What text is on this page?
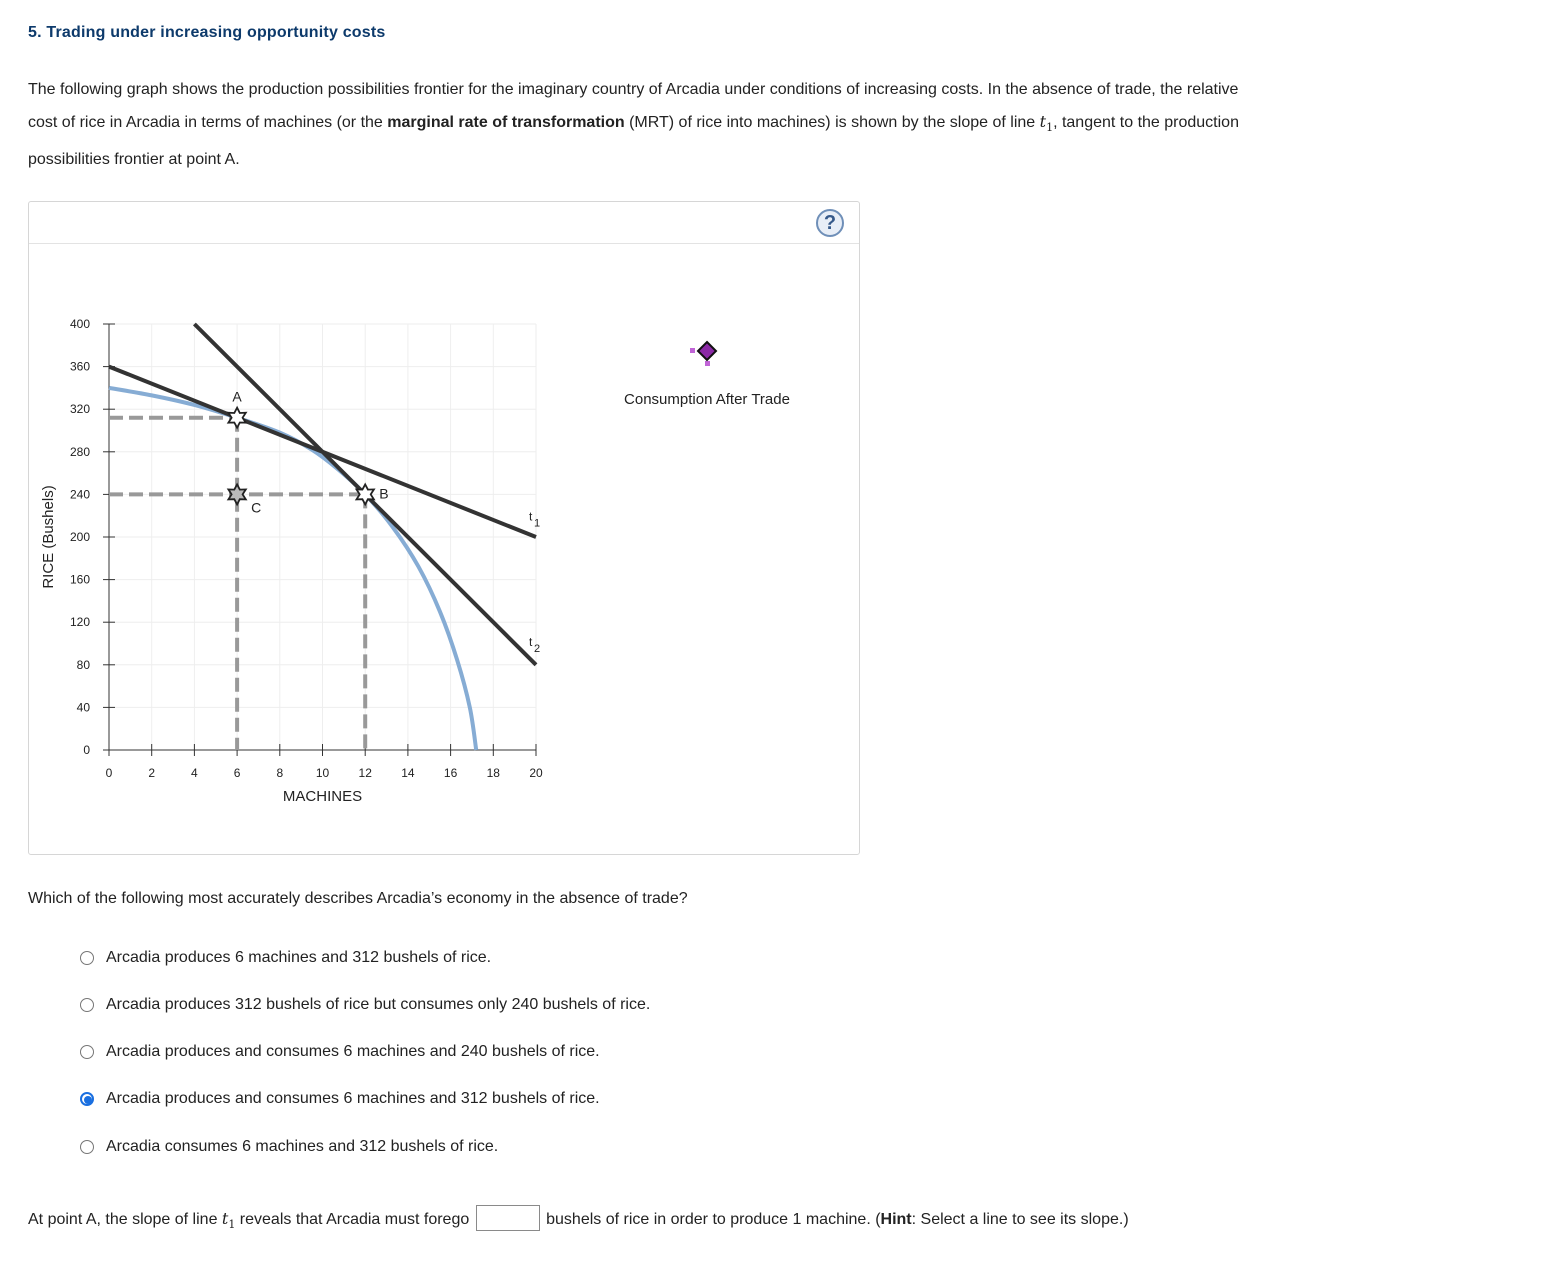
5. Trading under increasing opportunity costs
The following graph shows the production possibilities frontier for the imaginary country of Arcadia under conditions of increasing costs. In the absence of trade, the relative cost of rice in Arcadia in terms of machines (or the marginal rate of transformation (MRT) of rice into machines) is shown by the slope of line $t_1$, tangent to the production possibilities frontier at point A.
?
0	2	4	6	8	10 12 14 16 18 20
0
40
80
120
160
200
240
280
320
360
400
MACHINES
RICE (Bushels)	t 1
t 2
A
B
C
Consumption After Trade
Which of the following most accurately describes Arcadia’s economy in the absence of trade?
Arcadia produces 6 machines and 312 bushels of rice.
Arcadia produces 312 bushels of rice but consumes only 240 bushels of rice.
Arcadia produces and consumes 6 machines and 240 bushels of rice.
Arcadia produces and consumes 6 machines and 312 bushels of rice.
Arcadia consumes 6 machines and 312 bushels of rice.
At point A, the slope of line $t_1$ reveals that Arcadia must forego	bushels of rice in order to produce 1 machine. (Hint: Select a line to see its slope.)
